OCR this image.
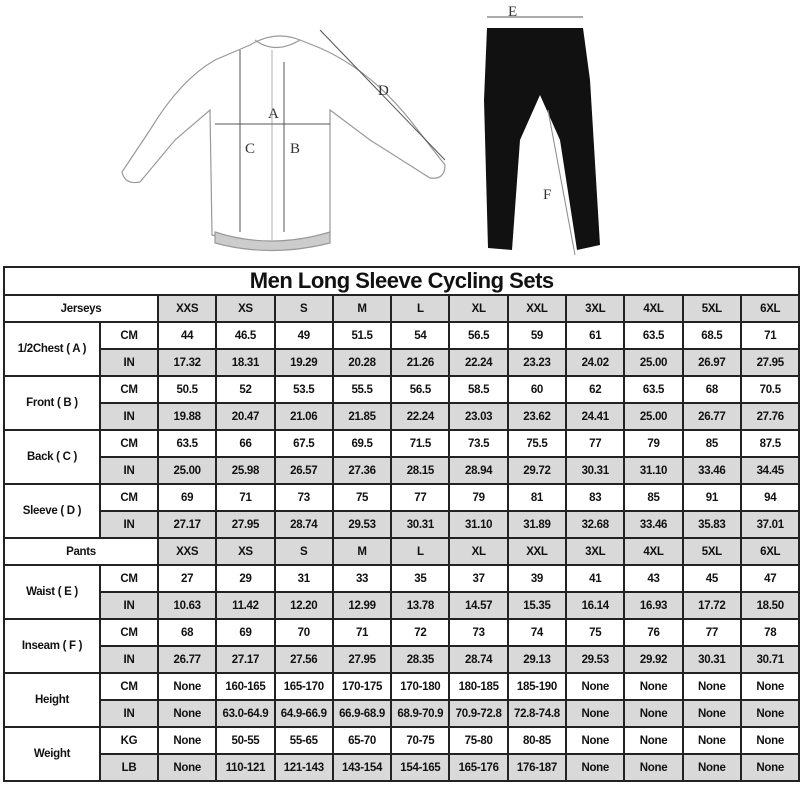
A
B
C
D
E
F
Men Long Sleeve Cycling Sets												
Jerseys		XXS	XS	S	M	L	XL	XXL	3XL	4XL	5XL	6XL
1/2Chest ( A )	CM	44	46.5	49	51.5	54	56.5	59	61	63.5	68.5	71
	IN	17.32	18.31	19.29	20.28	21.26	22.24	23.23	24.02	25.00	26.97	27.95
Front ( B )	CM	50.5	52	53.5	55.5	56.5	58.5	60	62	63.5	68	70.5
	IN	19.88	20.47	21.06	21.85	22.24	23.03	23.62	24.41	25.00	26.77	27.76
Back ( C )	CM	63.5	66	67.5	69.5	71.5	73.5	75.5	77	79	85	87.5
	IN	25.00	25.98	26.57	27.36	28.15	28.94	29.72	30.31	31.10	33.46	34.45
Sleeve ( D )	CM	69	71	73	75	77	79	81	83	85	91	94
	IN	27.17	27.95	28.74	29.53	30.31	31.10	31.89	32.68	33.46	35.83	37.01
Pants		XXS	XS	S	M	L	XL	XXL	3XL	4XL	5XL	6XL
Waist ( E )	CM	27	29	31	33	35	37	39	41	43	45	47
	IN	10.63	11.42	12.20	12.99	13.78	14.57	15.35	16.14	16.93	17.72	18.50
Inseam ( F )	CM	68	69	70	71	72	73	74	75	76	77	78
	IN	26.77	27.17	27.56	27.95	28.35	28.74	29.13	29.53	29.92	30.31	30.71
Height	CM	None	160-165	165-170	170-175	170-180	180-185	185-190	None	None	None	None
	IN	None	63.0-64.9	64.9-66.9	66.9-68.9	68.9-70.9	70.9-72.8	72.8-74.8	None	None	None	None
Weight	KG	None	50-55	55-65	65-70	70-75	75-80	80-85	None	None	None	None
	LB	None	110-121	121-143	143-154	154-165	165-176	176-187	None	None	None	None
